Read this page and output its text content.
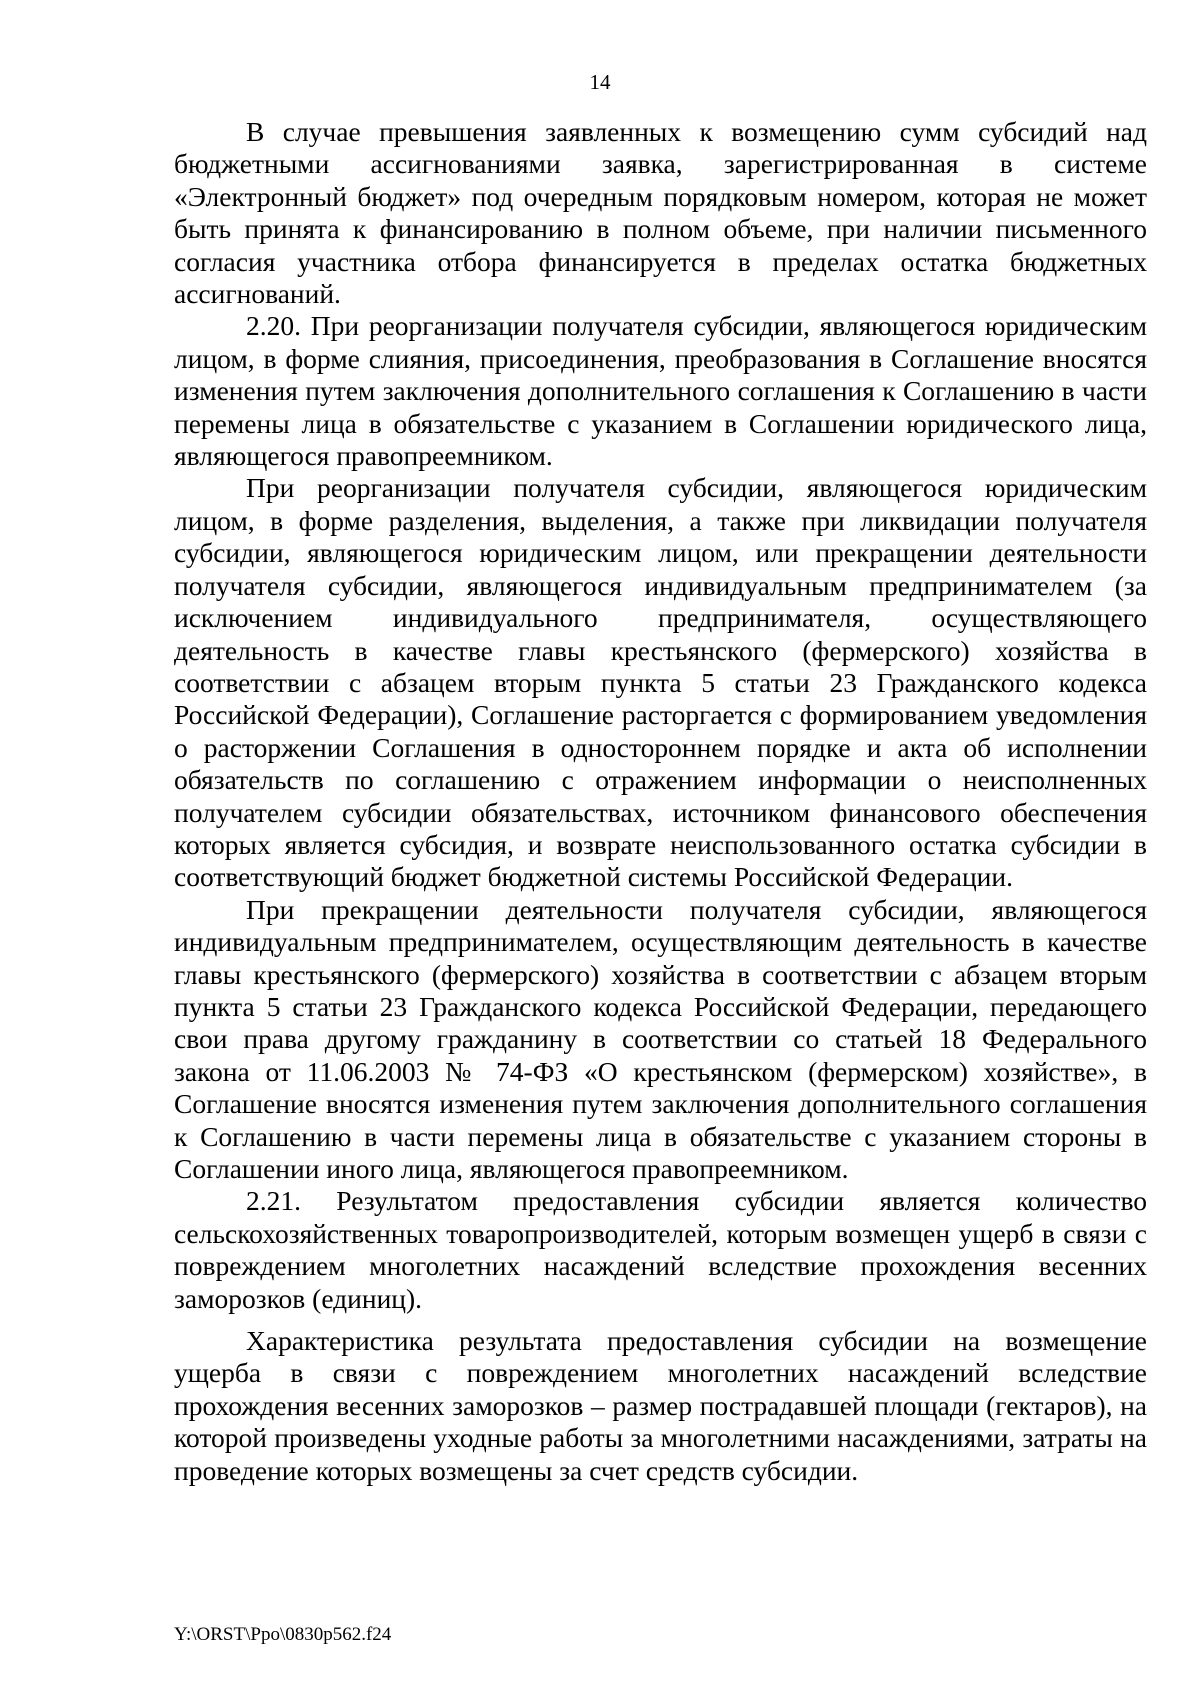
14

В случае превышения заявленных к возмещению сумм субсидий над бюджетными ассигнованиями заявка, зарегистрированная в системе «Электронный бюджет» под очередным порядковым номером, которая не может быть принята к финансированию в полном объеме, при наличии письменного согласия участника отбора финансируется в пределах остатка бюджетных ассигнований.

2.20. При реорганизации получателя субсидии, являющегося юридическим лицом, в форме слияния, присоединения, преобразования в Соглашение вносятся изменения путем заключения дополнительного соглашения к Соглашению в части перемены лица в обязательстве с указанием в Соглашении юридического лица, являющегося правопреемником.

При реорганизации получателя субсидии, являющегося юридическим лицом, в форме разделения, выделения, а также при ликвидации получателя субсидии, являющегося юридическим лицом, или прекращении деятельности получателя субсидии, являющегося индивидуальным предпринимателем (за исключением индивидуального предпринимателя, осуществляющего деятельность в качестве главы крестьянского (фермерского) хозяйства в соответствии с абзацем вторым пункта 5 статьи 23 Гражданского кодекса Российской Федерации), Соглашение расторгается с формированием уведомления о расторжении Соглашения в одностороннем порядке и акта об исполнении обязательств по соглашению с отражением информации о неисполненных получателем субсидии обязательствах, источником финансового обеспечения которых является субсидия, и возврате неиспользованного остатка субсидии в соответствующий бюджет бюджетной системы Российской Федерации.

При прекращении деятельности получателя субсидии, являющегося индивидуальным предпринимателем, осуществляющим деятельность в качестве главы крестьянского (фермерского) хозяйства в соответствии с абзацем вторым пункта 5 статьи 23 Гражданского кодекса Российской Федерации, передающего свои права другому гражданину в соответствии со статьей 18 Федерального закона от 11.06.2003 № 74-ФЗ «О крестьянском (фермерском) хозяйстве», в Соглашение вносятся изменения путем заключения дополнительного соглашения к Соглашению в части перемены лица в обязательстве с указанием стороны в Соглашении иного лица, являющегося правопреемником.

2.21. Результатом предоставления субсидии является количество сельскохозяйственных товаропроизводителей, которым возмещен ущерб в связи с повреждением многолетних насаждений вследствие прохождения весенних заморозков (единиц).

Характеристика результата предоставления субсидии на возмещение ущерба в связи с повреждением многолетних насаждений вследствие прохождения весенних заморозков – размер пострадавшей площади (гектаров), на которой произведены уходные работы за многолетними насаждениями, затраты на проведение которых возмещены за счет средств субсидии.

Y:\ORST\Ppo\0830p562.f24
